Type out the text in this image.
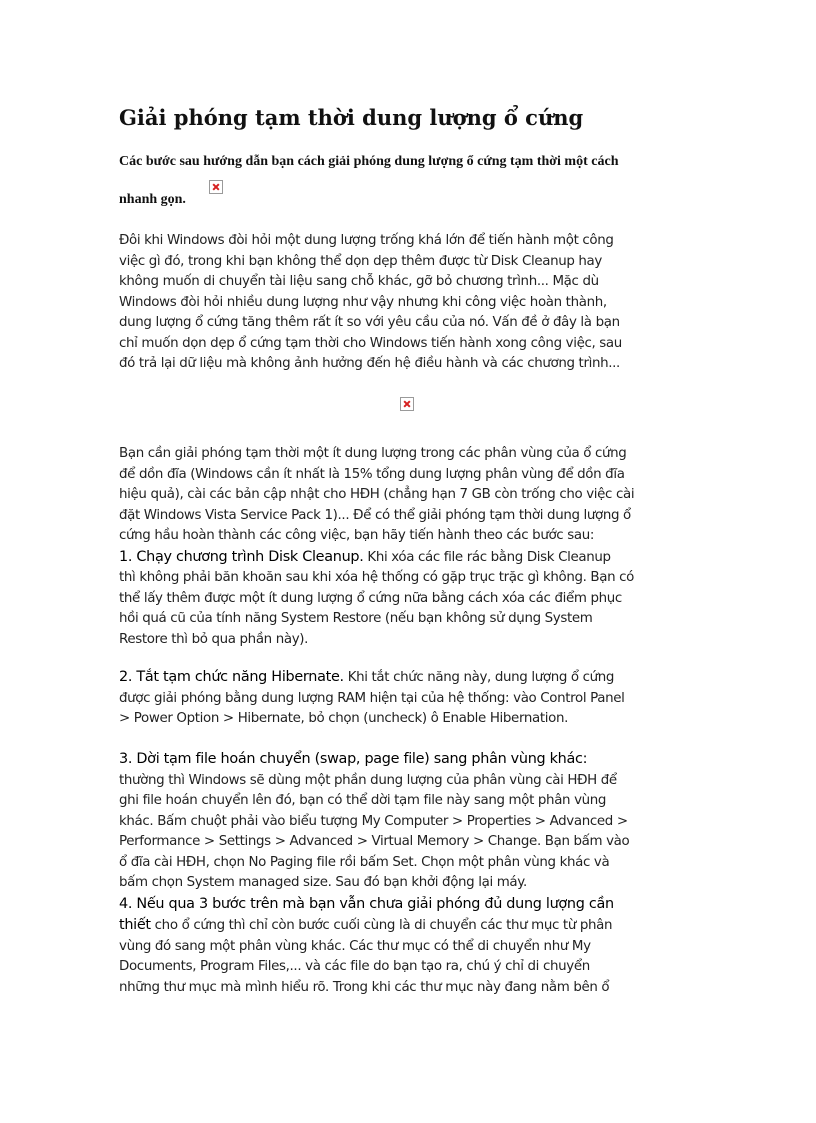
Giải phóng tạm thời dung lượng ổ cứng
Các bước sau hướng dẫn bạn cách giải phóng dung lượng ổ cứng tạm thời một cách
nhanh gọn.
Đôi khi Windows đòi hỏi một dung lượng trống khá lớn để tiến hành một công
việc gì đó, trong khi bạn không thể dọn dẹp thêm được từ Disk Cleanup hay
không muốn di chuyển tài liệu sang chỗ khác, gỡ bỏ chương trình... Mặc dù
Windows đòi hỏi nhiều dung lượng như vậy nhưng khi công việc hoàn thành,
dung lượng ổ cứng tăng thêm rất ít so với yêu cầu của nó. Vấn đề ở đây là bạn
chỉ muốn dọn dẹp ổ cứng tạm thời cho Windows tiến hành xong công việc, sau
đó trả lại dữ liệu mà không ảnh hưởng đến hệ điều hành và các chương trình...
Bạn cần giải phóng tạm thời một ít dung lượng trong các phân vùng của ổ cứng
để dồn đĩa (Windows cần ít nhất là 15% tổng dung lượng phân vùng để dồn đĩa
hiệu quả), cài các bản cập nhật cho HĐH (chẳng hạn 7 GB còn trống cho việc cài
đặt Windows Vista Service Pack 1)... Để có thể giải phóng tạm thời dung lượng ổ
cứng hầu hoàn thành các công việc, bạn hãy tiến hành theo các bước sau:
1. Chạy chương trình Disk Cleanup. Khi xóa các file rác bằng Disk Cleanup
thì không phải băn khoăn sau khi xóa hệ thống có gặp trục trặc gì không. Bạn có
thể lấy thêm được một ít dung lượng ổ cứng nữa bằng cách xóa các điểm phục
hồi quá cũ của tính năng System Restore (nếu bạn không sử dụng System
Restore thì bỏ qua phần này).
2. Tắt tạm chức năng Hibernate. Khi tắt chức năng này, dung lượng ổ cứng
được giải phóng bằng dung lượng RAM hiện tại của hệ thống: vào Control Panel
> Power Option > Hibernate, bỏ chọn (uncheck) ô Enable Hibernation.
3. Dời tạm file hoán chuyển (swap, page file) sang phân vùng khác:
thường thì Windows sẽ dùng một phần dung lượng của phân vùng cài HĐH để
ghi file hoán chuyển lên đó, bạn có thể dời tạm file này sang một phân vùng
khác. Bấm chuột phải vào biểu tượng My Computer > Properties > Advanced >
Performance > Settings > Advanced > Virtual Memory > Change. Bạn bấm vào
ổ đĩa cài HĐH, chọn No Paging file rồi bấm Set. Chọn một phân vùng khác và
bấm chọn System managed size. Sau đó bạn khởi động lại máy.
4. Nếu qua 3 bước trên mà bạn vẫn chưa giải phóng đủ dung lượng cần
thiết cho ổ cứng thì chỉ còn bước cuối cùng là di chuyển các thư mục từ phân
vùng đó sang một phân vùng khác. Các thư mục có thể di chuyển như My
Documents, Program Files,... và các file do bạn tạo ra, chú ý chỉ di chuyển
những thư mục mà mình hiểu rõ. Trong khi các thư mục này đang nằm bên ổ
